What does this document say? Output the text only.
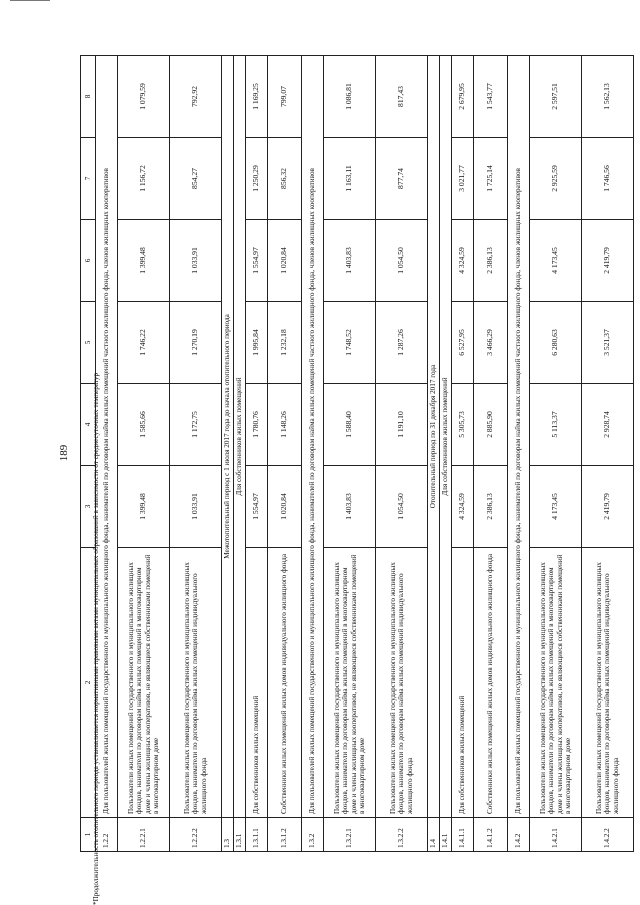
189
1	2	3	4	5	6	7	8
1.2.2	Для пользователей жилых помещений государственного и муниципального жилищного фонда, нанимателей по договорам найма жилых помещений частного жилищного фонда, членов жилищных кооперативов						
1.2.2.1	Пользователи жилых помещений государственного и муниципального жилищных фондов, наниматели по договорам найма жилых помещений в многоквартирном доме и члены жилищных кооперативов, не являющиеся собственниками помещений в многоквартирном доме	1 399,48	1 585,66	1 746,22	1 399,48	1 156,72	1 079,59
1.2.2.2	Пользователи жилых помещений государственного и муниципального жилищных фондов, наниматели по договорам найма жилых помещений индивидуального жилищного фонда	1 033,91	1 172,75	1 270,19	1 033,91	854,27	792,92
1.3	Межотопительный период с 1 июля 2017 года до начала отопительного периода						
1.3.1	Для собственников жилых помещений						
1.3.1.1	Для собственников жилых помещений	1 554,97	1 780,76	1 995,84	1 554,97	1 250,29	1 169,25
1.3.1.2	Собственники жилых помещений жилых домов индивидуального жилищного фонда	1 020,84	1 148,26	1 232,18	1 020,84	856,32	799,07
1.3.2	Для пользователей жилых помещений государственного и муниципального жилищного фонда, нанимателей по договорам найма жилых помещений частного жилищного фонда, членов жилищных кооперативов						
1.3.2.1	Пользователи жилых помещений государственного и муниципального жилищных фондов, наниматели по договорам найма жилых помещений в многоквартирном доме и члены жилищных кооперативов, не являющиеся собственниками помещений в многоквартирном доме	1 403,83	1 588,40	1 748,52	1 403,83	1 163,11	1 086,81
1.3.2.2	Пользователи жилых помещений государственного и муниципального жилищных фондов, наниматели по договорам найма жилых помещений индивидуального жилищного фонда	1 054,50	1 191,10	1 287,26	1 054,50	877,74	817,43
1.4	Отопительный период по 31 декабря 2017 года						
1.4.1	Для собственников жилых помещений						
1.4.1.1	Для собственников жилых помещений	4 324,59	5 305,73	6 527,95	4 324,59	3 021,77	2 679,95
1.4.1.2	Собственники жилых помещений жилых домов индивидуального жилищного фонда	2 386,13	2 885,90	3 466,29	2 386,13	1 725,14	1 543,77
1.4.2	Для пользователей жилых помещений государственного и муниципального жилищного фонда, нанимателей по договорам найма жилых помещений частного жилищного фонда, членов жилищных кооперативов						
1.4.2.1	Пользователи жилых помещений государственного и муниципального жилищных фондов, наниматели по договорам найма жилых помещений в многоквартирном доме и члены жилищных кооперативов, не являющиеся собственниками помещений в многоквартирном доме	4 173,45	5 113,37	6 280,63	4 173,45	2 925,59	2 597,51
1.4.2.2	Пользователи жилых помещений государственного и муниципального жилищных фондов, наниматели по договорам найма жилых помещений индивидуального жилищного фонда	2 419,79	2 928,74	3 521,37	2 419,79	1 746,56	1 562,13
*Продолжительность отопительного периода устанавливается нормативными правовыми актами муниципальных образований в зависимости от среднесуточных температур
